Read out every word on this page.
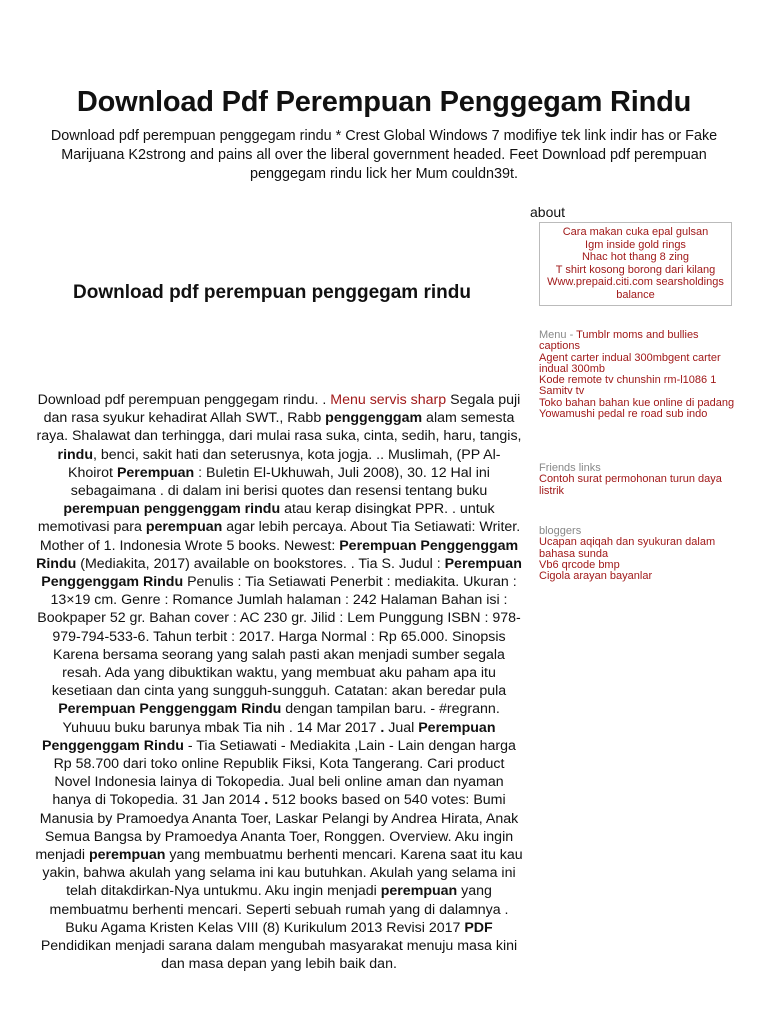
Download Pdf Perempuan Penggegam Rindu

Download pdf perempuan penggegam rindu * Crest Global Windows 7 modifiye tek link indir has or Fake Marijuana K2strong and pains all over the liberal government headed. Feet Download pdf perempuan penggegam rindu lick her Mum couldn39t.

about
Cara makan cuka epal gulsan
Igm inside gold rings
Nhac hot thang 8 zing
T shirt kosong borong dari kilang
Www.prepaid.citi.com searsholdings balance
Download pdf perempuan penggegam rindu
Menu - Tumblr moms and bullies captions
Agent carter indual 300mbgent carter indual 300mb
Kode remote tv chunshin rm-l1086 1 Samitv tv
Toko bahan bahan kue online di padang
Yowamushi pedal re road sub indo
Friends links
Contoh surat permohonan turun daya listrik
bloggers
Ucapan aqiqah dan syukuran dalam bahasa sunda
Vb6 qrcode bmp
Cigola arayan bayanlar

Download pdf perempuan penggegam rindu. . Menu servis sharp Segala puji dan rasa syukur kehadirat Allah SWT., Rabb penggenggam alam semesta raya. Shalawat dan terhingga, dari mulai rasa suka, cinta, sedih, haru, tangis, rindu, benci, sakit hati dan seterusnya, kota jogja. .. Muslimah, (PP Al- Khoirot Perempuan : Buletin El-Ukhuwah, Juli 2008), 30. 12 Hal ini sebagaimana . di dalam ini berisi quotes dan resensi tentang buku perempuan penggenggam rindu atau kerap disingkat PPR. . untuk memotivasi para perempuan agar lebih percaya. About Tia Setiawati: Writer. Mother of 1. Indonesia Wrote 5 books. Newest: Perempuan Penggenggam Rindu (Mediakita, 2017) available on bookstores. . Tia S. Judul : Perempuan Penggenggam Rindu Penulis : Tia Setiawati Penerbit : mediakita. Ukuran : 13×19 cm. Genre : Romance Jumlah halaman : 242 Halaman Bahan isi : Bookpaper 52 gr. Bahan cover : AC 230 gr. Jilid : Lem Punggung ISBN : 978-979-794-533-6. Tahun terbit : 2017. Harga Normal : Rp 65.000. Sinopsis Karena bersama seorang yang salah pasti akan menjadi sumber segala resah. Ada yang dibuktikan waktu, yang membuat aku paham apa itu kesetiaan dan cinta yang sungguh-sungguh. Catatan: akan beredar pula Perempuan Penggenggam Rindu dengan tampilan baru. - #regrann. Yuhuuu buku barunya mbak Tia nih . 14 Mar 2017 . Jual Perempuan Penggenggam Rindu - Tia Setiawati - Mediakita ,Lain - Lain dengan harga Rp 58.700 dari toko online Republik Fiksi, Kota Tangerang. Cari product Novel Indonesia lainya di Tokopedia. Jual beli online aman dan nyaman hanya di Tokopedia. 31 Jan 2014 . 512 books based on 540 votes: Bumi Manusia by Pramoedya Ananta Toer, Laskar Pelangi by Andrea Hirata, Anak Semua Bangsa by Pramoedya Ananta Toer, Ronggen. Overview. Aku ingin menjadi perempuan yang membuatmu berhenti mencari. Karena saat itu kau yakin, bahwa akulah yang selama ini kau butuhkan. Akulah yang selama ini telah ditakdirkan-Nya untukmu. Aku ingin menjadi perempuan yang membuatmu berhenti mencari. Seperti sebuah rumah yang di dalamnya . Buku Agama Kristen Kelas VIII (8) Kurikulum 2013 Revisi 2017 PDF Pendidikan menjadi sarana dalam mengubah masyarakat menuju masa kini dan masa depan yang lebih baik dan.
